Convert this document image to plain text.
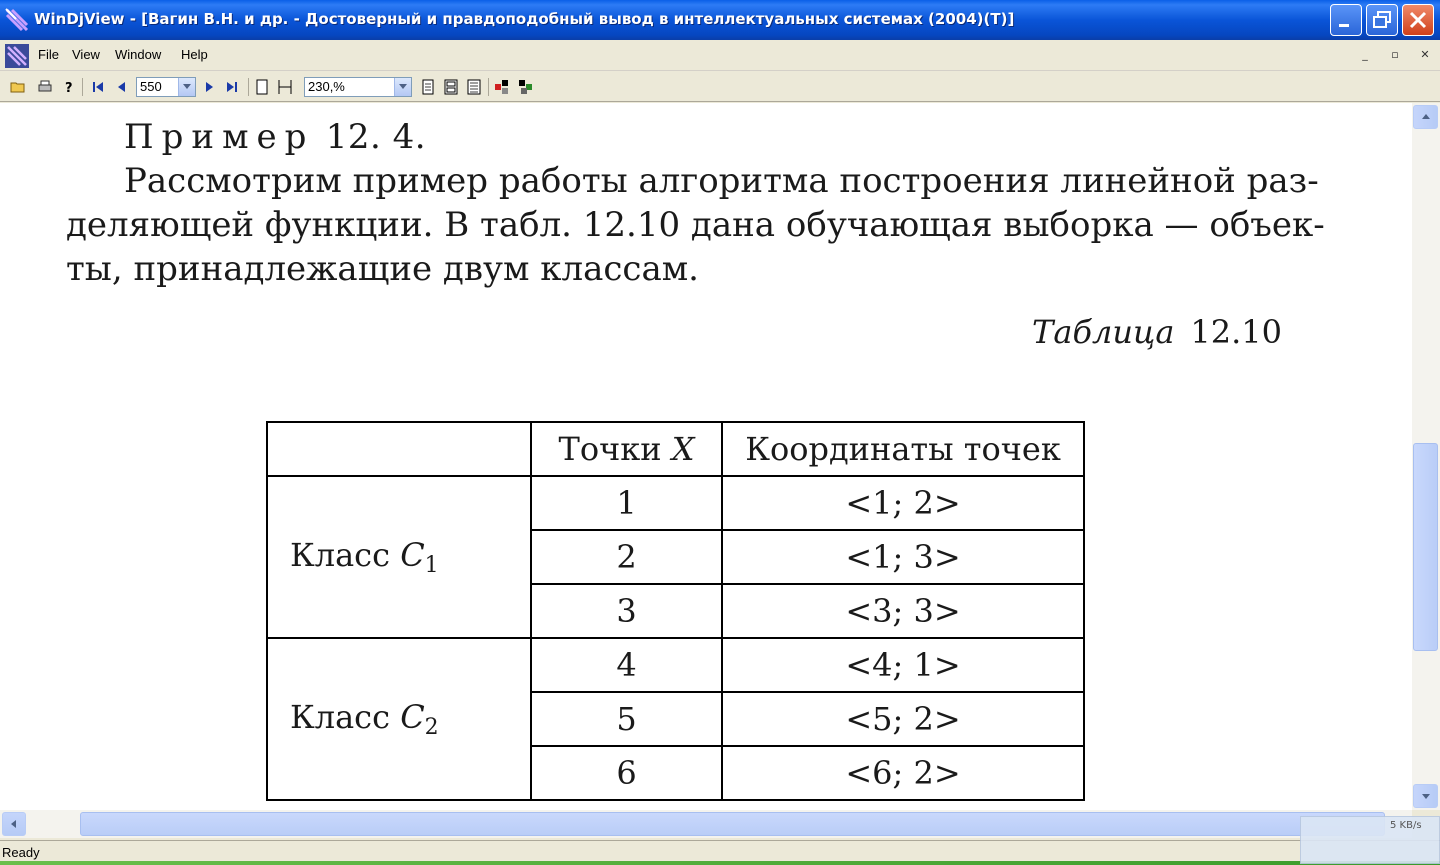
WinDjView - [Вагин В.Н. и др. - Достоверный и правдоподобный вывод в интеллектуальных системах (2004)(T)]
File View Window Help	_	▫ ✕
?	550	230,%
Пример 12. 4.
Рассмотрим пример работы алгоритма построения линейной раз-
деляющей функции. В табл. 12.10 дана обучающая выборка — объек-
ты, принадлежащие двум классам.
Таблица 12.10
	Точки X	Координаты точек
Класс $C_1$	1	<1; 2>
	2	<1; 3>
	3	<3; 3>
Класс $C_2$	4	<4; 1>
	5	<5; 2>
	6	<6; 2>
Ready
5 KB/s
